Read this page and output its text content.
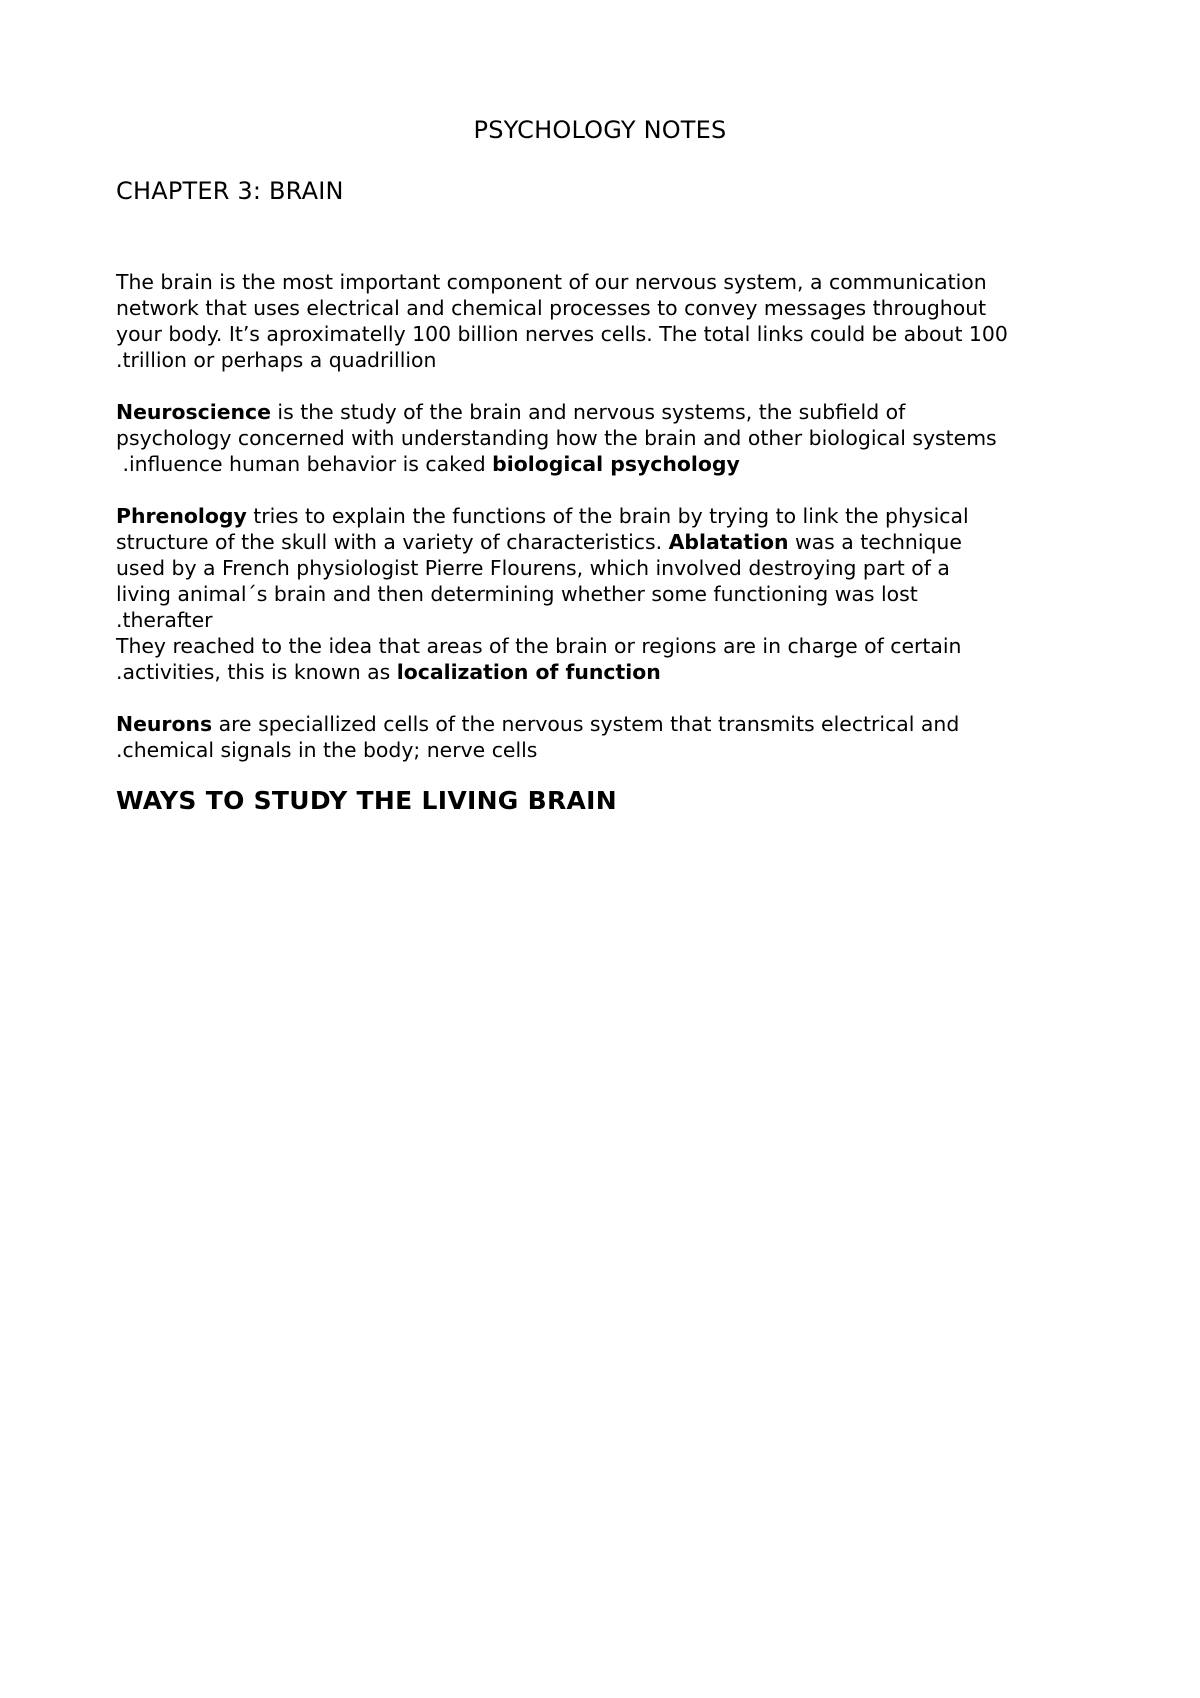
PSYCHOLOGY NOTES
CHAPTER 3: BRAIN
The brain is the most important component of our nervous system, a communication
network that uses electrical and chemical processes to convey messages throughout
your body. It’s aproximatelly 100 billion nerves cells. The total links could be about 100
.trillion or perhaps a quadrillion
Neuroscience is the study of the brain and nervous systems, the subfield of
psychology concerned with understanding how the brain and other biological systems
.influence human behavior is caked biological psychology
Phrenology tries to explain the functions of the brain by trying to link the physical
structure of the skull with a variety of characteristics. Ablatation was a technique
used by a French physiologist Pierre Flourens, which involved destroying part of a
living animal´s brain and then determining whether some functioning was lost
.therafter
They reached to the idea that areas of the brain or regions are in charge of certain
.activities, this is known as localization of function
Neurons are speciallized cells of the nervous system that transmits electrical and
.chemical signals in the body; nerve cells
WAYS TO STUDY THE LIVING BRAIN
